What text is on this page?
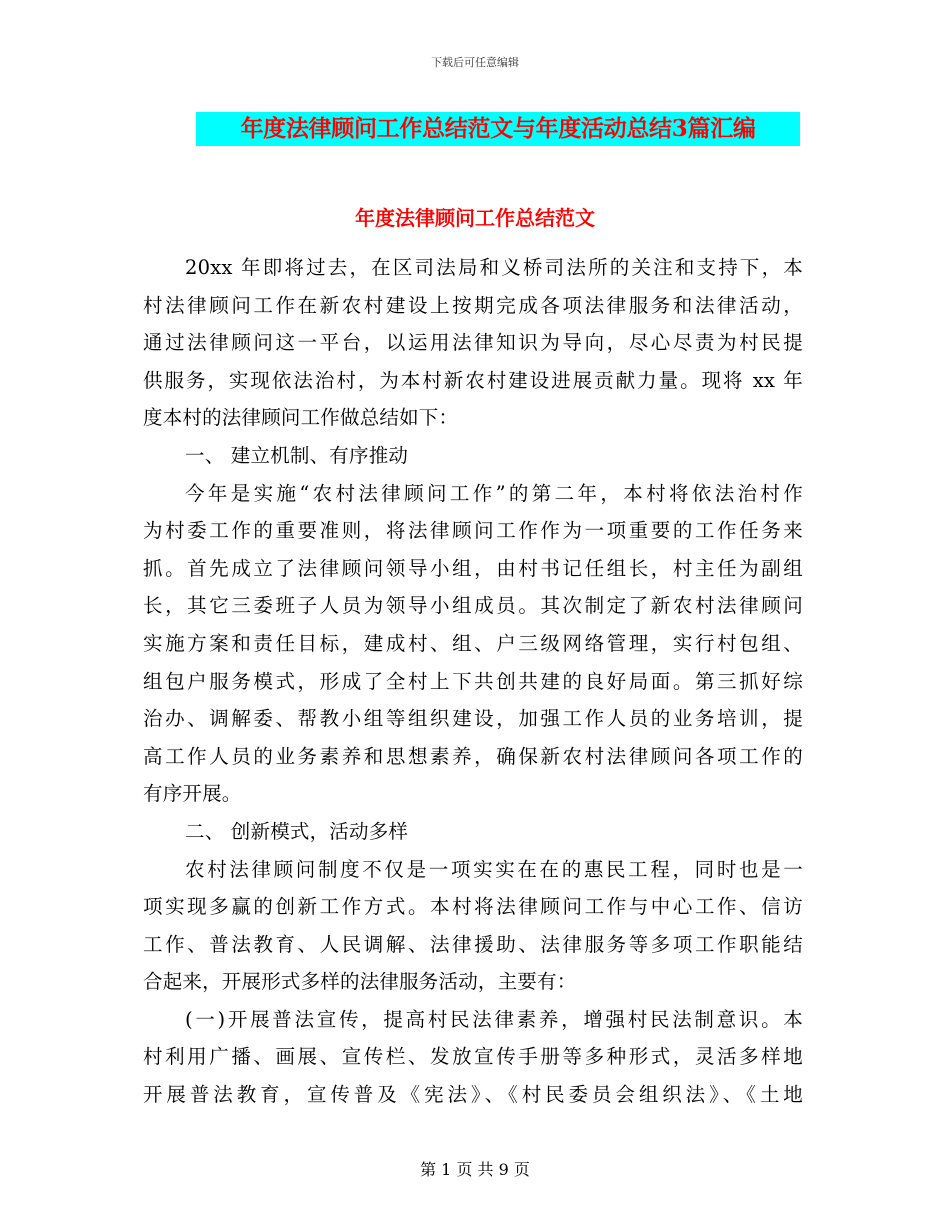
下载后可任意编辑
年度法律顾问工作总结范文与年度活动总结3篇汇编
年度法律顾问工作总结范文
20xx 年即将过去，在区司法局和义桥司法所的关注和支持下，本
村法律顾问工作在新农村建设上按期完成各项法律服务和法律活动，
通过法律顾问这一平台，以运用法律知识为导向，尽心尽责为村民提
供服务，实现依法治村，为本村新农村建设进展贡献力量。现将 xx 年
度本村的法律顾问工作做总结如下：
一、 建立机制、有序推动
今年是实施“农村法律顾问工作”的第二年，本村将依法治村作
为村委工作的重要准则，将法律顾问工作作为一项重要的工作任务来
抓。首先成立了法律顾问领导小组，由村书记任组长，村主任为副组
长，其它三委班子人员为领导小组成员。其次制定了新农村法律顾问
实施方案和责任目标，建成村、组、户三级网络管理，实行村包组、
组包户服务模式，形成了全村上下共创共建的良好局面。第三抓好综
治办、调解委、帮教小组等组织建设，加强工作人员的业务培训，提
高工作人员的业务素养和思想素养，确保新农村法律顾问各项工作的
有序开展。
二、 创新模式，活动多样
农村法律顾问制度不仅是一项实实在在的惠民工程，同时也是一
项实现多赢的创新工作方式。本村将法律顾问工作与中心工作、信访
工作、普法教育、人民调解、法律援助、法律服务等多项工作职能结
合起来，开展形式多样的法律服务活动，主要有：
(一)开展普法宣传，提高村民法律素养，增强村民法制意识。本
村利用广播、画展、宣传栏、发放宣传手册等多种形式，灵活多样地
开展普法教育，宣传普及《宪法》、《村民委员会组织法》、《土地
第 1 页 共 9 页
